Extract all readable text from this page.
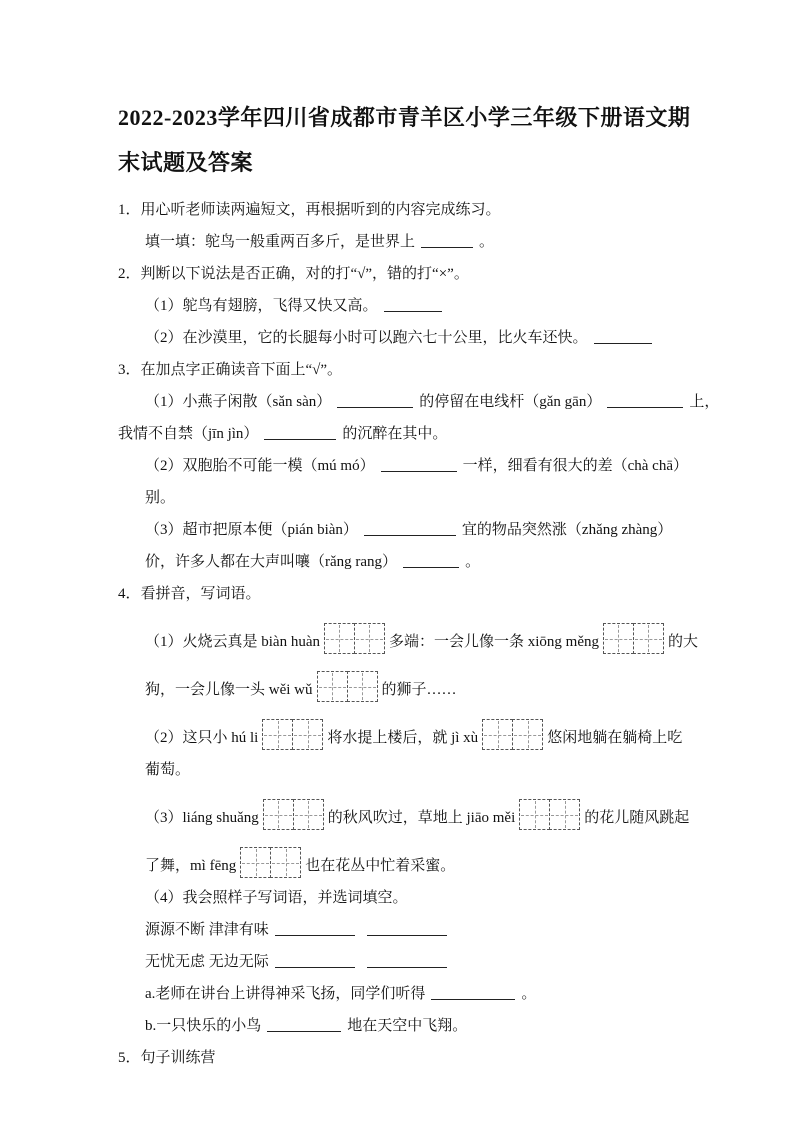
2022-2023学年四川省成都市青羊区小学三年级下册语文期
末试题及答案
1．用心听老师读两遍短文，再根据听到的内容完成练习。
填一填：鸵鸟一般重两百多斤，是世界上	。
2．判断以下说法是否正确，对的打“√”，错的打“×”。
（1）鸵鸟有翅膀，飞得又快又高。
（2）在沙漠里，它的长腿每小时可以跑六七十公里，比火车还快。
3．在加点字正确读音下面上“√”。
（1）小燕子闲散（sǎn sàn）	的停留在电线杆（gǎn gān）	上，
我情不自禁（jīn jìn）	的沉醉在其中。
（2）双胞胎不可能一模（mú mó）	一样，细看有很大的差（chà chā）
别。
（3）超市把原本便（pián biàn）	宜的物品突然涨（zhǎng zhàng）
价，许多人都在大声叫嚷（rǎng rang）	。
4．看拼音，写词语。
（1）火烧云真是 biàn huàn	多端：一会儿像一条 xiōng měng	的大
狗，一会儿像一头 wěi wǔ	的狮子……
（2）这只小 hú li	将水提上楼后，就 jì xù	悠闲地躺在躺椅上吃
葡萄。
（3）liáng shuǎng	的秋风吹过，草地上 jiāo měi	的花儿随风跳起
了舞，mì fēng	也在花丛中忙着采蜜。
（4）我会照样子写词语，并选词填空。
源源不断 津津有味
无忧无虑 无边无际
a.老师在讲台上讲得神采飞扬，同学们听得	。
b.一只快乐的小鸟	地在天空中飞翔。
5．句子训练营
